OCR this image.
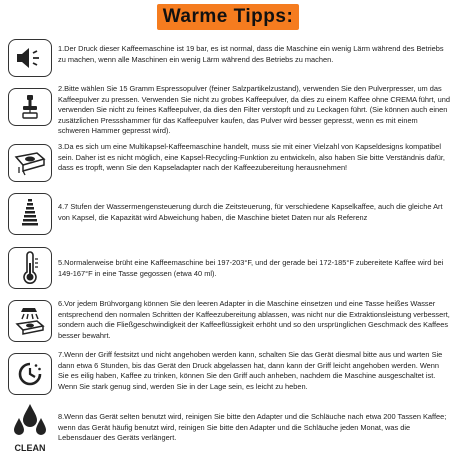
Warme Tipps:
1.Der Druck dieser Kaffeemaschine ist 19 bar, es ist normal, dass die Maschine ein wenig Lärm während des Betriebs zu machen, wenn alle Maschinen ein wenig Lärm während des Betriebs zu machen.
2.Bitte wählen Sie 15 Gramm Espressopulver (feiner Salzpartikelzustand), verwenden Sie den Pulverpresser, um das Kaffeepulver zu pressen. Verwenden Sie nicht zu grobes Kaffeepulver, da dies zu einem Kaffee ohne CREMA führt, und verwenden Sie nicht zu feines Kaffeepulver, da dies den Filter verstopft und zu Leckagen führt. (Sie können auch einen zusätzlichen Pressshammer für das Kaffeepulver kaufen, das Pulver wird besser gepresst, wenn es mit einem schweren Hammer gepresst wird).
3.Da es sich um eine Multikapsel-Kaffeemaschine handelt, muss sie mit einer Vielzahl von Kapseldesigns kompatibel sein. Daher ist es nicht möglich, eine Kapsel-Recycling-Funktion zu entwickeln, also haben Sie bitte Verständnis dafür, dass es tropft, wenn Sie den Kapseladapter nach der Kaffeezubereitung herausnehmen!
4.7 Stufen der Wassermengensteuerung durch die Zeitsteuerung, für verschiedene Kapselkaffee, auch die gleiche Art von Kapsel, die Kapazität wird Abweichung haben, die Maschine bietet Daten nur als Referenz
5.Normalerweise brüht eine Kaffeemaschine bei 197-203°F, und der gerade bei 172-185°F zubereitete Kaffee wird bei 149-167°F in eine Tasse gegossen (etwa 40 ml).
6.Vor jedem Brühvorgang können Sie den leeren Adapter in die Maschine einsetzen und eine Tasse heißes Wasser entsprechend den normalen Schritten der Kaffeezubereitung ablassen, was nicht nur die Extraktionsleistung verbessert, sondern auch die Fließgeschwindigkeit der Kaffeeflüssigkeit erhöht und so den ursprünglichen Geschmack des Kaffees besser bewahrt.
7.Wenn der Griff festsitzt und nicht angehoben werden kann, schalten Sie das Gerät diesmal bitte aus und warten Sie dann etwa 6 Stunden, bis das Gerät den Druck abgelassen hat, dann kann der Griff leicht angehoben werden. Wenn Sie es eilig haben, Kaffee zu trinken, können Sie den Griff auch anheben, nachdem die Maschine ausgeschaltet ist. Wenn Sie stark genug sind, werden Sie in der Lage sein, es leicht zu heben.
CLEAN
8.Wenn das Gerät selten benutzt wird, reinigen Sie bitte den Adapter und die Schläuche nach etwa 200 Tassen Kaffee; wenn das Gerät häufig benutzt wird, reinigen Sie bitte den Adapter und die Schläuche jeden Monat, was die Lebensdauer des Geräts verlängert.
